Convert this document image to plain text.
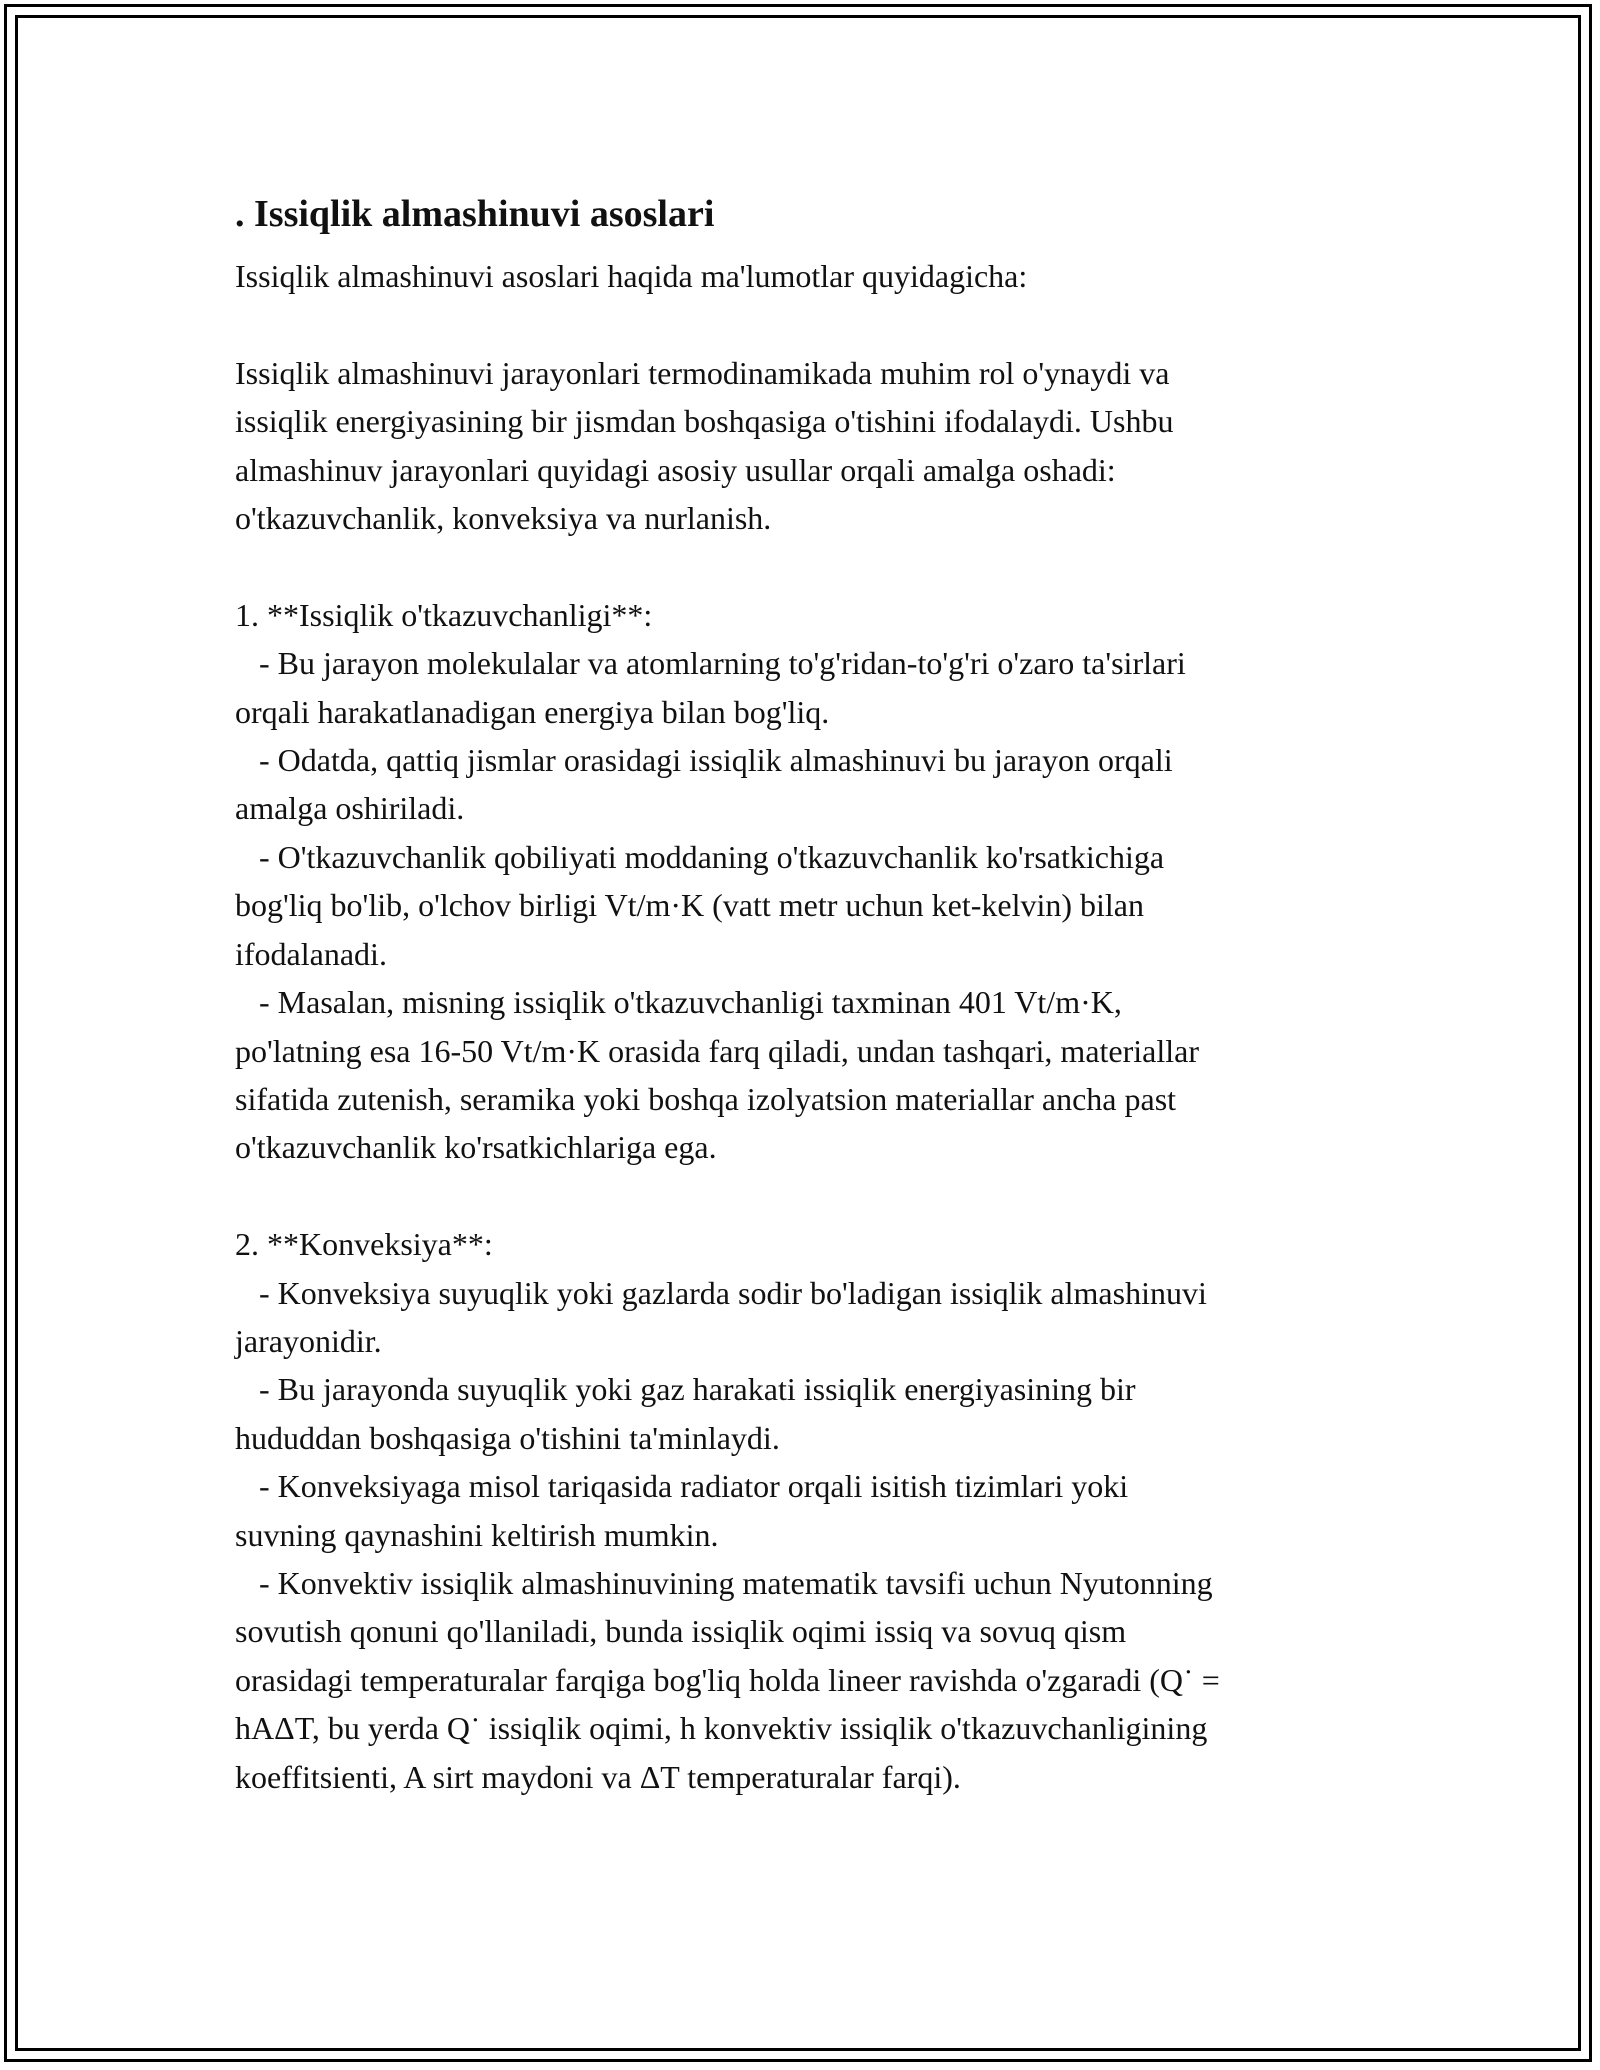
. Issiqlik almashinuvi asoslari

Issiqlik almashinuvi asoslari haqida ma'lumotlar quyidagicha:

Issiqlik almashinuvi jarayonlari termodinamikada muhim rol o'ynaydi va

issiqlik energiyasining bir jismdan boshqasiga o'tishini ifodalaydi. Ushbu

almashinuv jarayonlari quyidagi asosiy usullar orqali amalga oshadi:

o'tkazuvchanlik, konveksiya va nurlanish.

1. **Issiqlik o'tkazuvchanligi**:

- Bu jarayon molekulalar va atomlarning to'g'ridan-to'g'ri o'zaro ta'sirlari

orqali harakatlanadigan energiya bilan bog'liq.

- Odatda, qattiq jismlar orasidagi issiqlik almashinuvi bu jarayon orqali

amalga oshiriladi.

- O'tkazuvchanlik qobiliyati moddaning o'tkazuvchanlik ko'rsatkichiga

bog'liq bo'lib, o'lchov birligi Vt/m·K (vatt metr uchun ket-kelvin) bilan

ifodalanadi.

- Masalan, misning issiqlik o'tkazuvchanligi taxminan 401 Vt/m·K,

po'latning esa 16-50 Vt/m·K orasida farq qiladi, undan tashqari, materiallar

sifatida zutenish, seramika yoki boshqa izolyatsion materiallar ancha past

o'tkazuvchanlik ko'rsatkichlariga ega.

2. **Konveksiya**:

- Konveksiya suyuqlik yoki gazlarda sodir bo'ladigan issiqlik almashinuvi

jarayonidir.

- Bu jarayonda suyuqlik yoki gaz harakati issiqlik energiyasining bir

hududdan boshqasiga o'tishini ta'minlaydi.

- Konveksiyaga misol tariqasida radiator orqali isitish tizimlari yoki

suvning qaynashini keltirish mumkin.

- Konvektiv issiqlik almashinuvining matematik tavsifi uchun Nyutonning

sovutish qonuni qo'llaniladi, bunda issiqlik oqimi issiq va sovuq qism

orasidagi temperaturalar farqiga bog'liq holda lineer ravishda o'zgaradi (Q˙ =

hAΔT, bu yerda Q˙ issiqlik oqimi, h konvektiv issiqlik o'tkazuvchanligining

koeffitsienti, A sirt maydoni va ΔT temperaturalar farqi).
